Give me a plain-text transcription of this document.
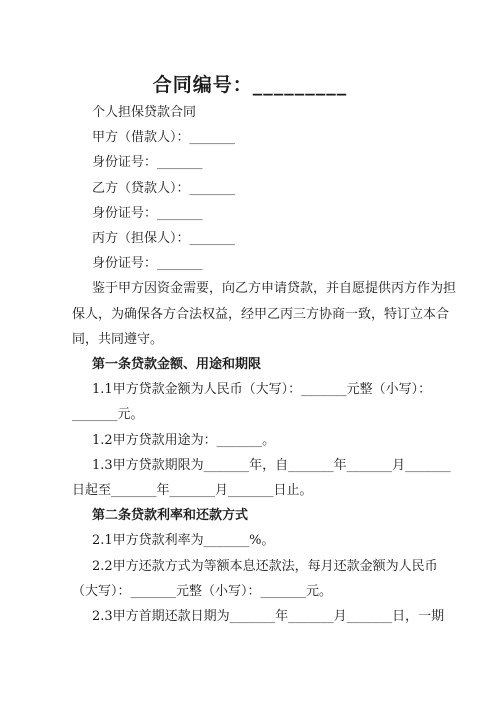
合同编号：_________
个人担保贷款合同
甲方（借款人）：_______
身份证号：_______
乙方（贷款人）：_______
身份证号：_______
丙方（担保人）：_______
身份证号：_______
鉴于甲方因资金需要，向乙方申请贷款，并自愿提供丙方作为担
保人，为确保各方合法权益，经甲乙丙三方协商一致，特订立本合
同，共同遵守。
第一条贷款金额、用途和期限
1.1甲方贷款金额为人民币（大写）：_______元整（小写）：
_______元。
1.2甲方贷款用途为：_______。
1.3甲方贷款期限为_______年，自_______年_______月_______
日起至_______年_______月_______日止。
第二条贷款利率和还款方式
2.1甲方贷款利率为_______%。
2.2甲方还款方式为等额本息还款法，每月还款金额为人民币
（大写）：_______元整（小写）：_______元。
2.3甲方首期还款日期为_______年_______月_______日，一期
